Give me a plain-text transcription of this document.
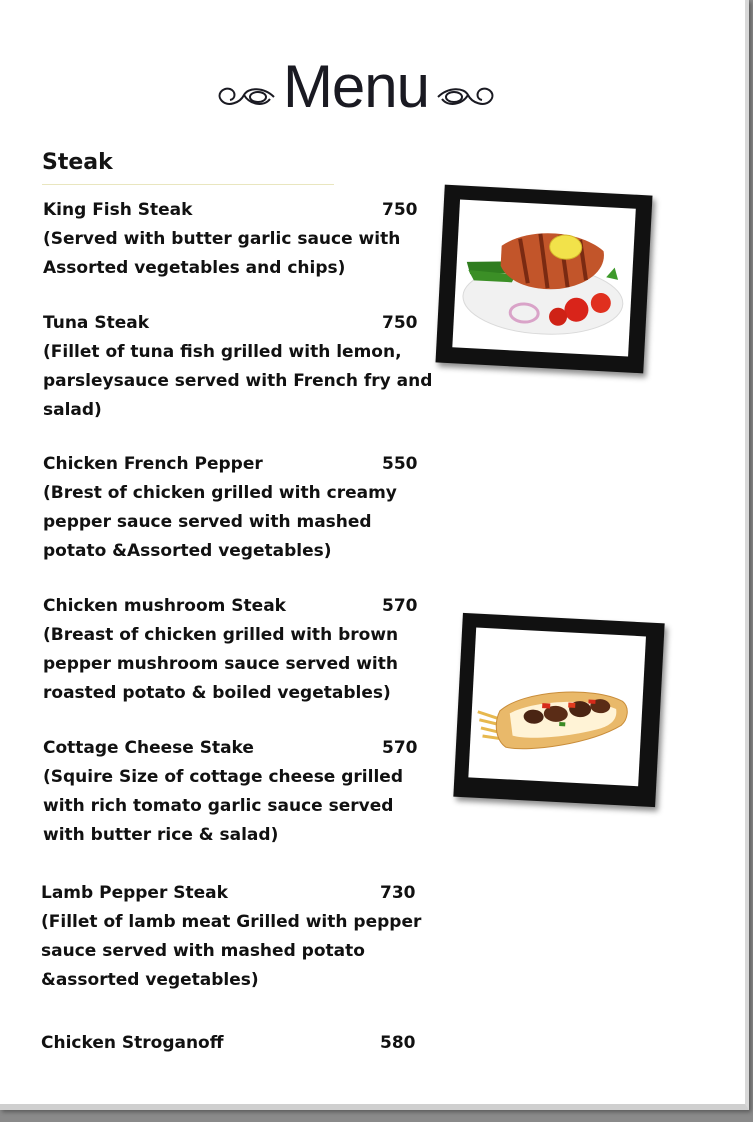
Menu
Steak
King Fish Steak	750
(Served with butter garlic sauce with Assorted vegetables and chips)
Tuna Steak	750
(Fillet of tuna fish grilled with lemon, parsleysauce served with French fry and salad)
Chicken French Pepper	550
(Brest of chicken grilled with creamy pepper sauce served with mashed potato &Assorted vegetables)
Chicken mushroom Steak	570
(Breast of chicken grilled with brown pepper mushroom sauce served with roasted potato & boiled vegetables)
Cottage Cheese Stake	570
(Squire Size of cottage cheese grilled with rich tomato garlic sauce served with butter rice & salad)
Lamb Pepper Steak	730
(Fillet of lamb meat Grilled with pepper sauce served with mashed potato &assorted vegetables)
Chicken Stroganoff	580
